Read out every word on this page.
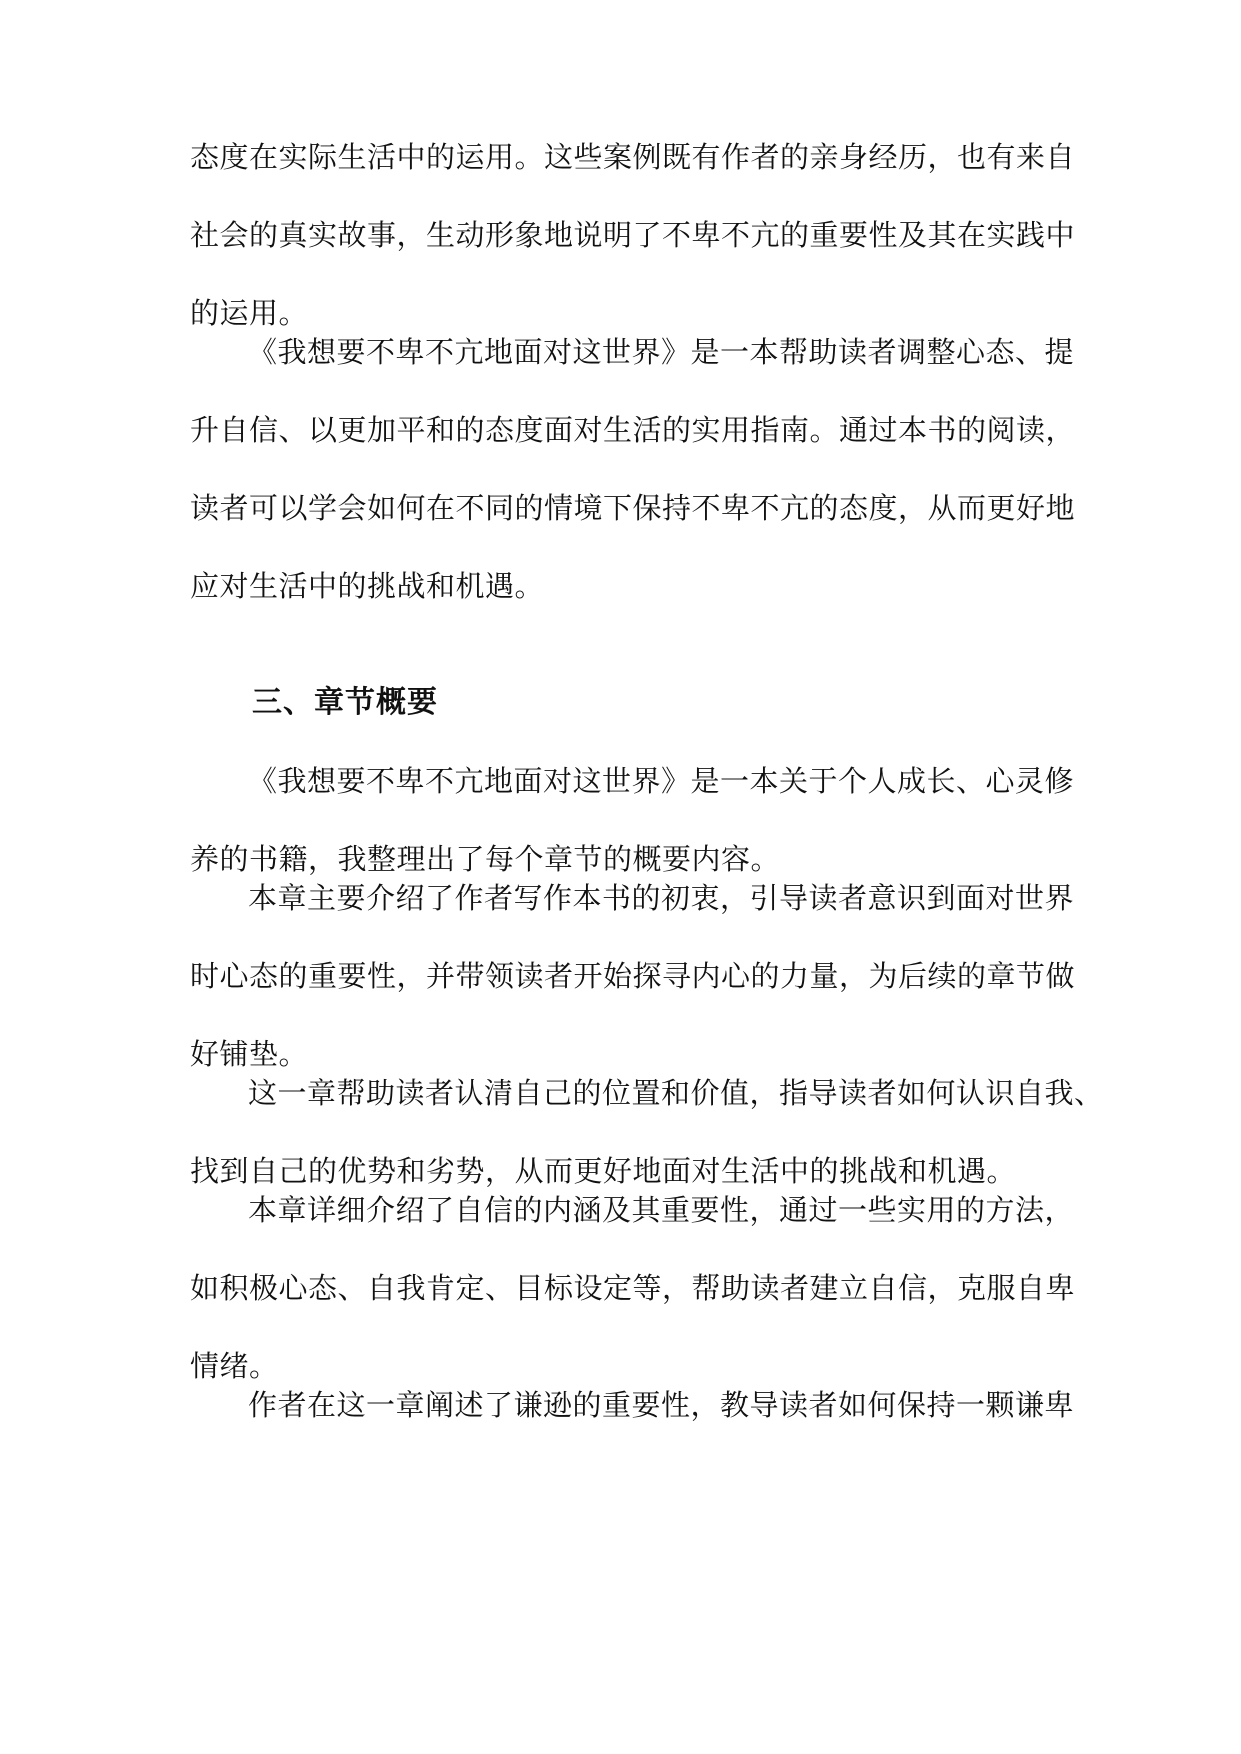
态度在实际生活中的运用。这些案例既有作者的亲身经历，也有来自
社会的真实故事，生动形象地说明了不卑不亢的重要性及其在实践中
的运用。
《我想要不卑不亢地面对这世界》是一本帮助读者调整心态、提
升自信、以更加平和的态度面对生活的实用指南。通过本书的阅读，
读者可以学会如何在不同的情境下保持不卑不亢的态度，从而更好地
应对生活中的挑战和机遇。
三、章节概要
《我想要不卑不亢地面对这世界》是一本关于个人成长、心灵修
养的书籍，我整理出了每个章节的概要内容。
本章主要介绍了作者写作本书的初衷，引导读者意识到面对世界
时心态的重要性，并带领读者开始探寻内心的力量，为后续的章节做
好铺垫。
这一章帮助读者认清自己的位置和价值，指导读者如何认识自我、
找到自己的优势和劣势，从而更好地面对生活中的挑战和机遇。
本章详细介绍了自信的内涵及其重要性，通过一些实用的方法，
如积极心态、自我肯定、目标设定等，帮助读者建立自信，克服自卑
情绪。
作者在这一章阐述了谦逊的重要性，教导读者如何保持一颗谦卑
